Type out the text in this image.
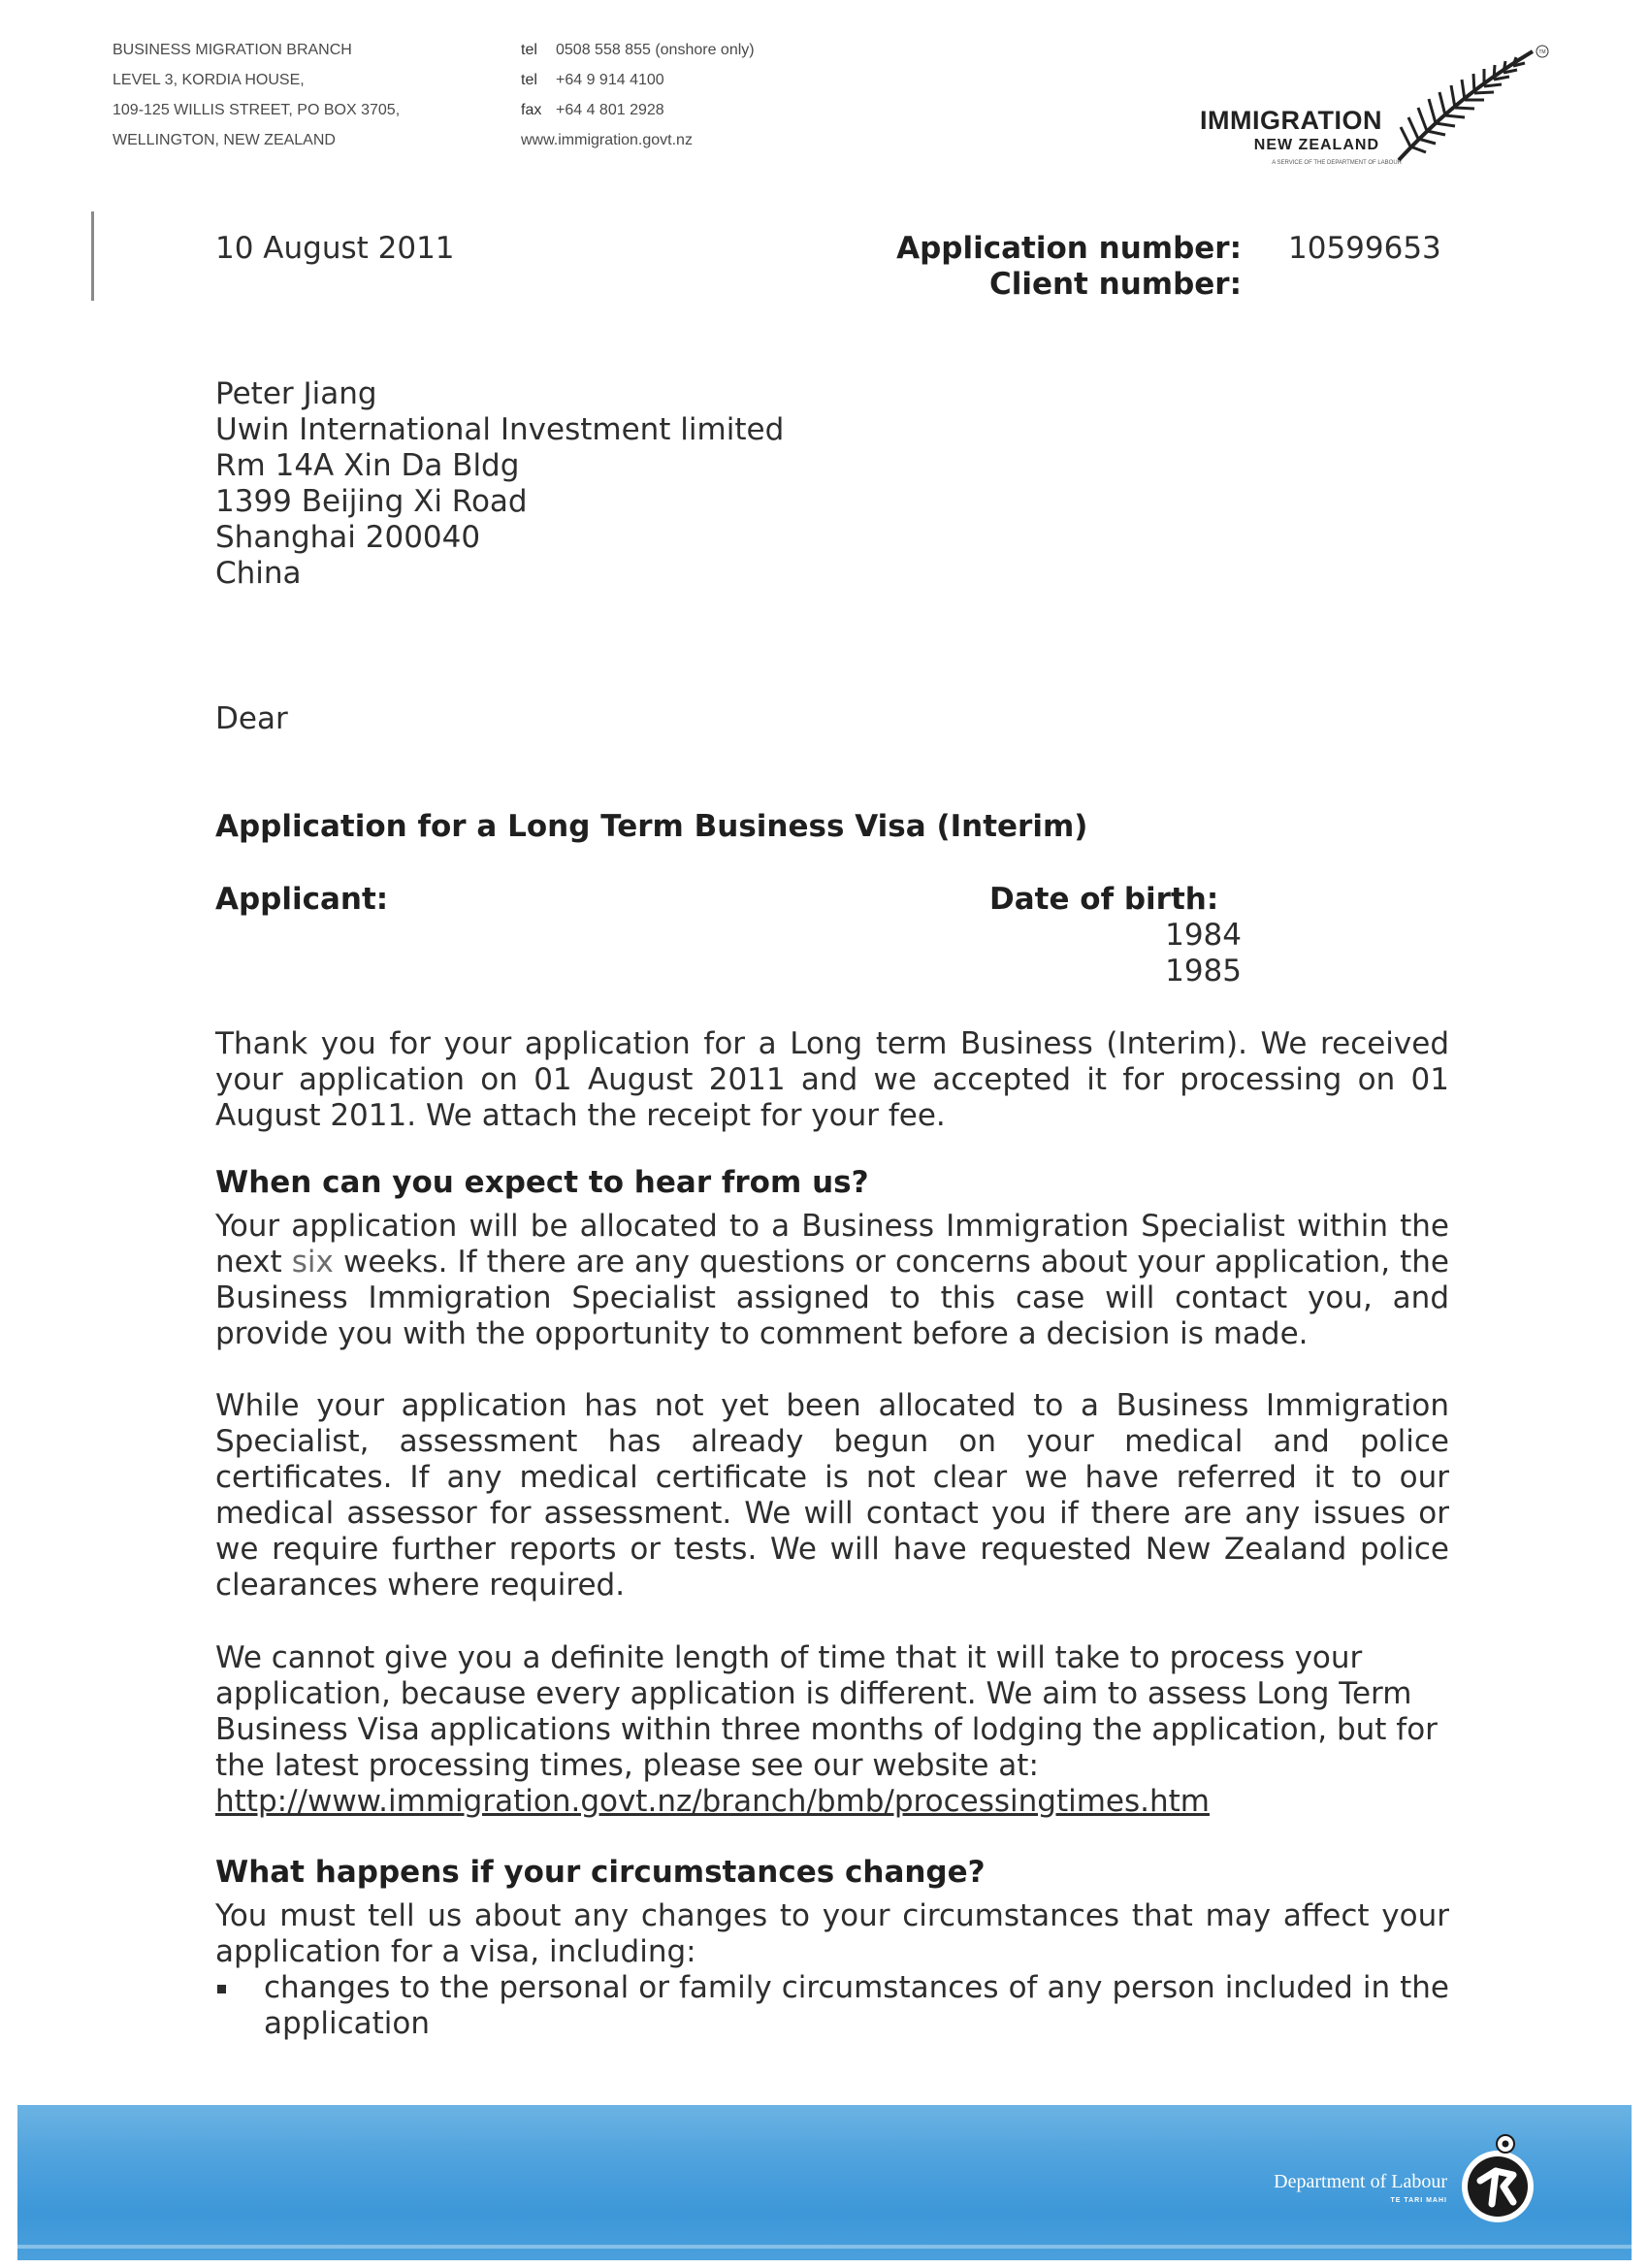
BUSINESS MIGRATION BRANCH
LEVEL 3, KORDIA HOUSE,
109-125 WILLIS STREET, PO BOX 3705,
WELLINGTON, NEW ZEALAND
tel 0508 558 855 (onshore only)
tel +64 9 914 4100
fax +64 4 801 2928
www.immigration.govt.nz
IMMIGRATION
NEW ZEALAND
A SERVICE OF THE DEPARTMENT OF LABOUR
TM
10 August 2011	Application number: 10599653
Client number:
Peter Jiang
Uwin International Investment limited
Rm 14A Xin Da Bldg
1399 Beijing Xi Road
Shanghai 200040
China
Dear
Application for a Long Term Business Visa (Interim)
Applicant:	Date of birth:
1984
1985
Thank you for your application for a Long term Business (Interim). We received your application on 01 August 2011 and we accepted it for processing on 01 August 2011. We attach the receipt for your fee.
When can you expect to hear from us?
Your application will be allocated to a Business Immigration Specialist within the next six weeks. If there are any questions or concerns about your application, the Business Immigration Specialist assigned to this case will contact you, and provide you with the opportunity to comment before a decision is made.
While your application has not yet been allocated to a Business Immigration Specialist, assessment has already begun on your medical and police certificates. If any medical certificate is not clear we have referred it to our medical assessor for assessment. We will contact you if there are any issues or we require further reports or tests. We will have requested New Zealand police clearances where required.
We cannot give you a definite length of time that it will take to process your application, because every application is different. We aim to assess Long Term Business Visa applications within three months of lodging the application, but for the latest processing times, please see our website at:
http://www.immigration.govt.nz/branch/bmb/processingtimes.htm
What happens if your circumstances change?
You must tell us about any changes to your circumstances that may affect your application for a visa, including:
changes to the personal or family circumstances of any person included in the application
Department of Labour
TE TARI MAHI
